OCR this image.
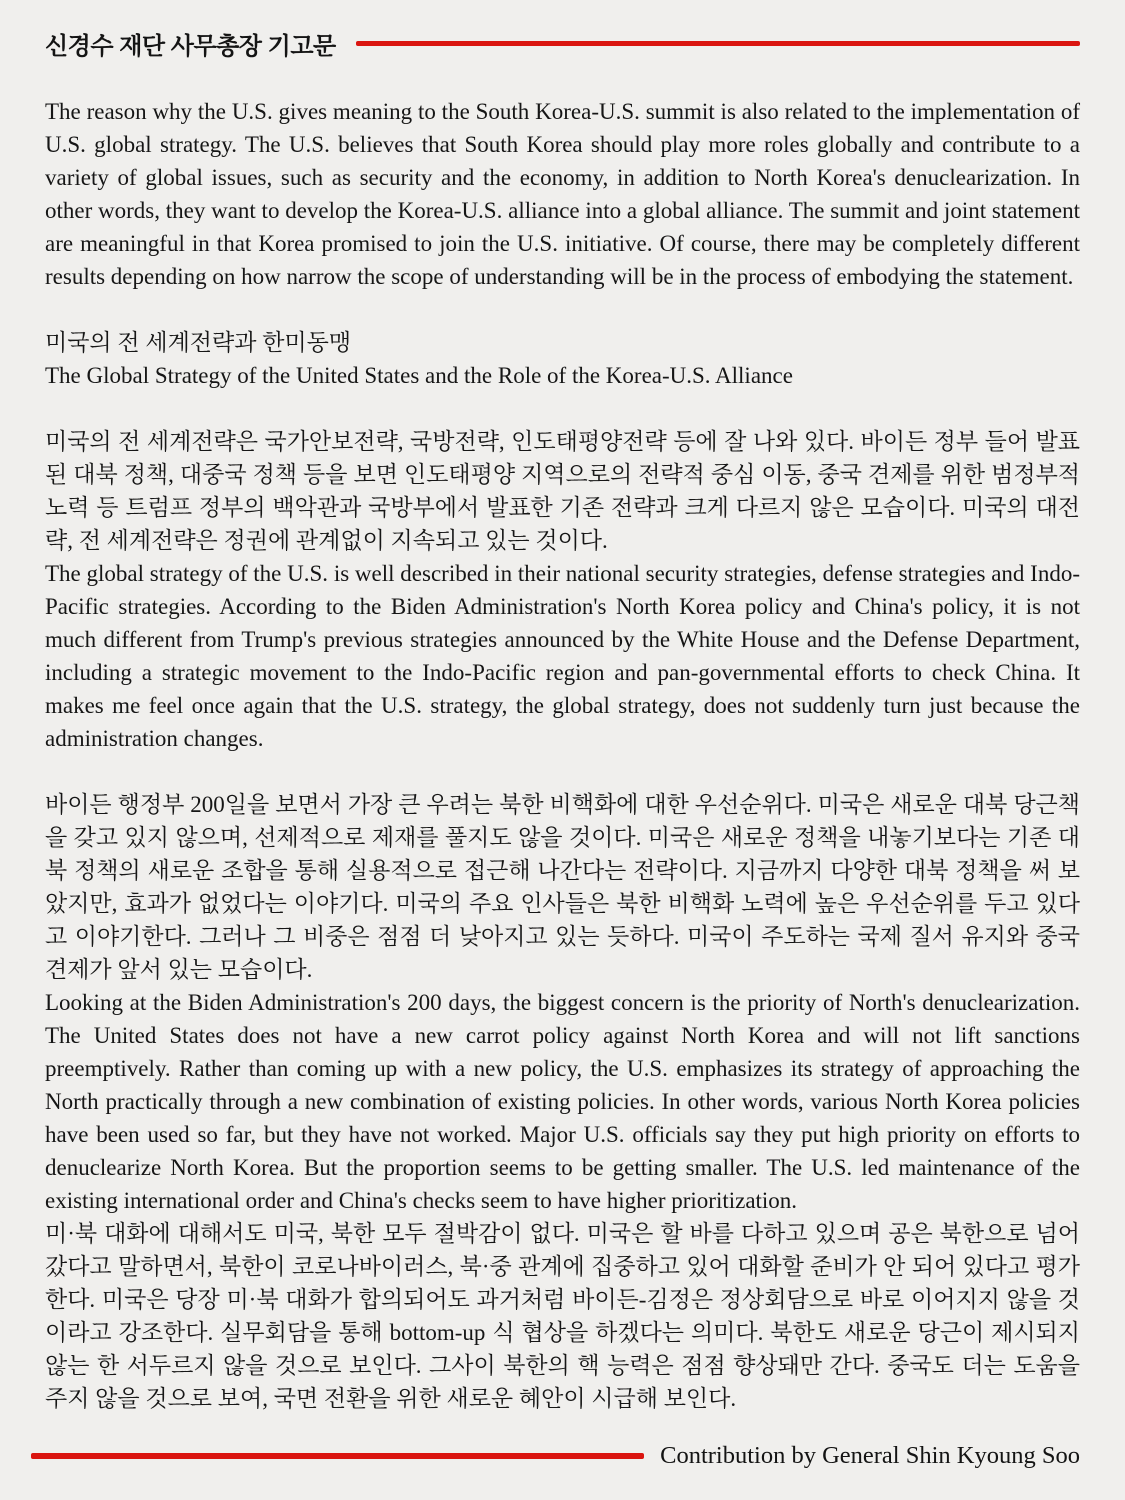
신경수 재단 사무총장 기고문

The reason why the U.S. gives meaning to the South Korea-U.S. summit is also related to the implementation of U.S. global strategy. The U.S. believes that South Korea should play more roles globally and contribute to a variety of global issues, such as security and the economy, in addition to North Korea's denuclearization. In other words, they want to develop the Korea-U.S. alliance into a global alliance. The summit and joint statement are meaningful in that Korea promised to join the U.S. initiative. Of course, there may be completely different results depending on how narrow the scope of understanding will be in the process of embodying the statement.

미국의 전 세계전략과 한미동맹

The Global Strategy of the United States and the Role of the Korea-U.S. Alliance

미국의 전 세계전략은 국가안보전략, 국방전략, 인도태평양전략 등에 잘 나와 있다. 바이든 정부 들어 발표된 대북 정책, 대중국 정책 등을 보면 인도태평양 지역으로의 전략적 중심 이동, 중국 견제를 위한 범정부적 노력 등 트럼프 정부의 백악관과 국방부에서 발표한 기존 전략과 크게 다르지 않은 모습이다. 미국의 대전략, 전 세계전략은 정권에 관계없이 지속되고 있는 것이다.

The global strategy of the U.S. is well described in their national security strategies, defense strategies and Indo-Pacific strategies. According to the Biden Administration's North Korea policy and China's policy, it is not much different from Trump's previous strategies announced by the White House and the Defense Department, including a strategic movement to the Indo-Pacific region and pan-governmental efforts to check China. It makes me feel once again that the U.S. strategy, the global strategy, does not suddenly turn just because the administration changes.

바이든 행정부 200일을 보면서 가장 큰 우려는 북한 비핵화에 대한 우선순위다. 미국은 새로운 대북 당근책을 갖고 있지 않으며, 선제적으로 제재를 풀지도 않을 것이다. 미국은 새로운 정책을 내놓기보다는 기존 대북 정책의 새로운 조합을 통해 실용적으로 접근해 나간다는 전략이다. 지금까지 다양한 대북 정책을 써 보았지만, 효과가 없었다는 이야기다. 미국의 주요 인사들은 북한 비핵화 노력에 높은 우선순위를 두고 있다고 이야기한다. 그러나 그 비중은 점점 더 낮아지고 있는 듯하다. 미국이 주도하는 국제 질서 유지와 중국 견제가 앞서 있는 모습이다.

Looking at the Biden Administration's 200 days, the biggest concern is the priority of North's denuclearization. The United States does not have a new carrot policy against North Korea and will not lift sanctions preemptively. Rather than coming up with a new policy, the U.S. emphasizes its strategy of approaching the North practically through a new combination of existing policies. In other words, various North Korea policies have been used so far, but they have not worked. Major U.S. officials say they put high priority on efforts to denuclearize North Korea. But the proportion seems to be getting smaller. The U.S. led maintenance of the existing international order and China's checks seem to have higher prioritization.

미·북 대화에 대해서도 미국, 북한 모두 절박감이 없다. 미국은 할 바를 다하고 있으며 공은 북한으로 넘어갔다고 말하면서, 북한이 코로나바이러스, 북·중 관계에 집중하고 있어 대화할 준비가 안 되어 있다고 평가한다. 미국은 당장 미·북 대화가 합의되어도 과거처럼 바이든-김정은 정상회담으로 바로 이어지지 않을 것이라고 강조한다. 실무회담을 통해 bottom-up 식 협상을 하겠다는 의미다. 북한도 새로운 당근이 제시되지 않는 한 서두르지 않을 것으로 보인다. 그사이 북한의 핵 능력은 점점 향상돼만 간다. 중국도 더는 도움을 주지 않을 것으로 보여, 국면 전환을 위한 새로운 혜안이 시급해 보인다.

Contribution by General Shin Kyoung Soo
